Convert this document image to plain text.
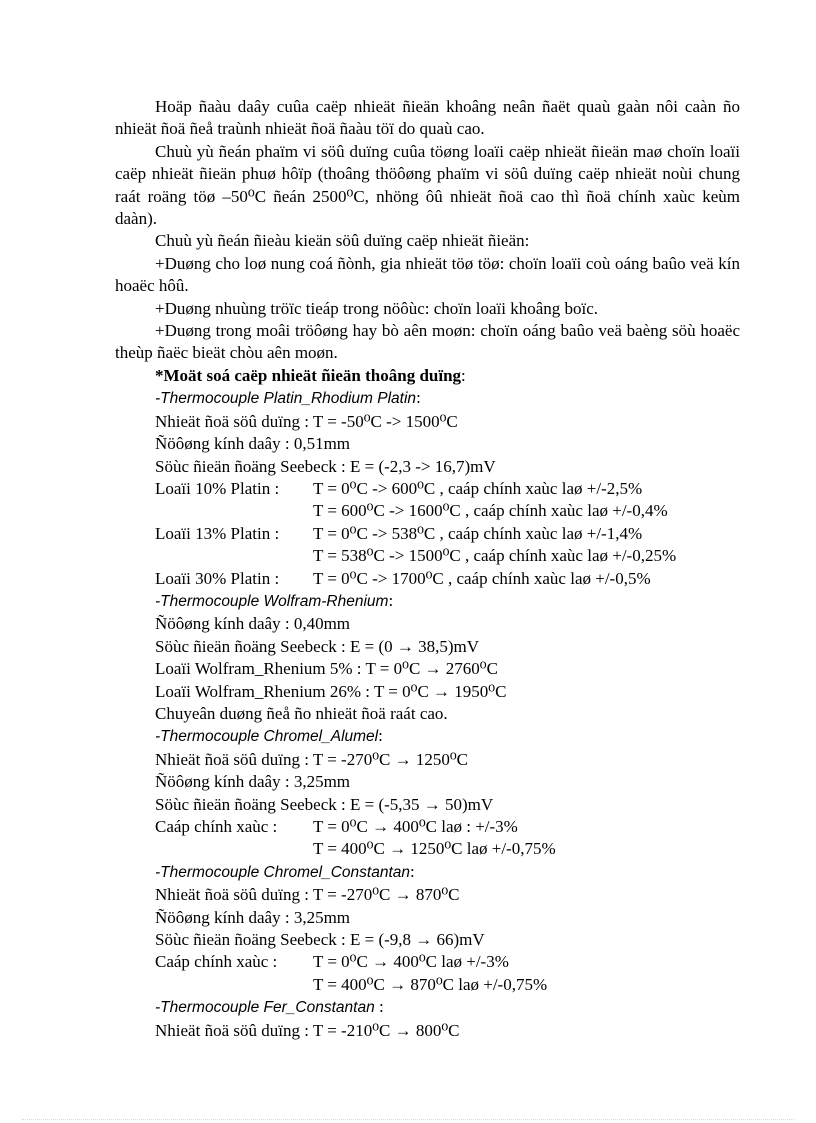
Hoäp ñaàu daây cuûa caëp nhieät ñieän khoâng neân ñaët quaù gaàn nôi caàn ño nhieät ñoä ñeå traùnh nhieät ñoä ñaàu töï do quaù cao.

Chuù yù ñeán phaïm vi söû duïng cuûa töøng loaïi caëp nhieät ñieän maø choïn loaïi caëp nhieät ñieän phuø hôïp (thoâng thöôøng phaïm vi söû duïng caëp nhieät noùi chung raát roäng töø –50⁰C ñeán 2500⁰C, nhöng ôû nhieät ñoä cao thì ñoä chính xaùc keùm daàn).

Chuù yù ñeán ñieàu kieän söû duïng caëp nhieät ñieän:

+Duøng cho loø nung coá ñònh, gia nhieät töø töø: choïn loaïi coù oáng baûo veä kín hoaëc hôû.

+Duøng nhuùng tröïc tieáp trong nöôùc: choïn loaïi khoâng boïc.

+Duøng trong moâi tröôøng hay bò aên moøn: choïn oáng baûo veä baèng söù hoaëc theùp ñaëc bieät chòu aên moøn.

*Moät soá caëp nhieät ñieän thoâng duïng:

-Thermocouple Platin_Rhodium Platin:

Nhieät ñoä söû duïng : T = -50⁰C -> 1500⁰C

Ñöôøng kính daây : 0,51mm

Söùc ñieän ñoäng Seebeck : E = (-2,3 -> 16,7)mV

Loaïi 10% Platin : T = 0⁰C -> 600⁰C , caáp chính xaùc laø +/-2,5%

T = 600⁰C -> 1600⁰C , caáp chính xaùc laø +/-0,4%

Loaïi 13% Platin : T = 0⁰C -> 538⁰C , caáp chính xaùc laø +/-1,4%

T = 538⁰C -> 1500⁰C , caáp chính xaùc laø +/-0,25%

Loaïi 30% Platin : T = 0⁰C -> 1700⁰C , caáp chính xaùc laø +/-0,5%

-Thermocouple Wolfram-Rhenium:

Ñöôøng kính daây : 0,40mm

Söùc ñieän ñoäng Seebeck : E = (0 → 38,5)mV

Loaïi Wolfram_Rhenium 5% : T = 0⁰C → 2760⁰C

Loaïi Wolfram_Rhenium 26% : T = 0⁰C → 1950⁰C

Chuyeân duøng ñeå ño nhieät ñoä raát cao.

-Thermocouple Chromel_Alumel:

Nhieät ñoä söû duïng : T = -270⁰C → 1250⁰C

Ñöôøng kính daây : 3,25mm

Söùc ñieän ñoäng Seebeck : E = (-5,35 → 50)mV

Caáp chính xaùc : T = 0⁰C → 400⁰C laø : +/-3%

T = 400⁰C → 1250⁰C laø +/-0,75%

-Thermocouple Chromel_Constantan:

Nhieät ñoä söû duïng : T = -270⁰C → 870⁰C

Ñöôøng kính daây : 3,25mm

Söùc ñieän ñoäng Seebeck : E = (-9,8 → 66)mV

Caáp chính xaùc : T = 0⁰C → 400⁰C laø +/-3%

T = 400⁰C → 870⁰C laø +/-0,75%

-Thermocouple Fer_Constantan :

Nhieät ñoä söû duïng : T = -210⁰C → 800⁰C
